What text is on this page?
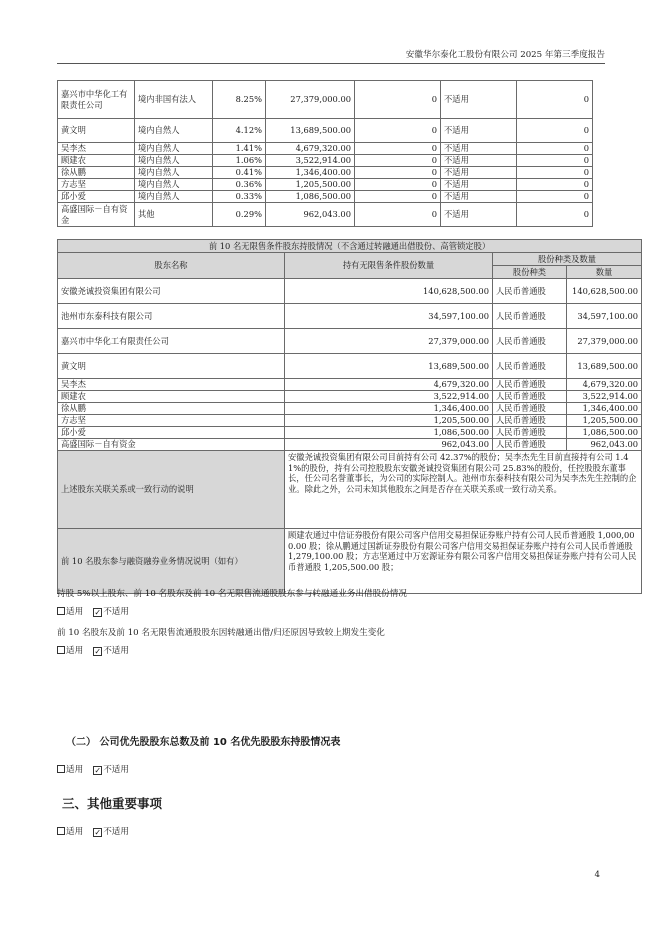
安徽华尔泰化工股份有限公司 2025 年第三季度报告
嘉兴市中华化工有限责任公司	境内非国有法人	8.25%	27,379,000.00	0	不适用	0
黄文明	境内自然人	4.12%	13,689,500.00	0	不适用	0
吴李杰	境内自然人	1.41%	4,679,320.00	0	不适用	0
顾建农	境内自然人	1.06%	3,522,914.00	0	不适用	0
徐从鹏	境内自然人	0.41%	1,346,400.00	0	不适用	0
方志坚	境内自然人	0.36%	1,205,500.00	0	不适用	0
邱小爱	境内自然人	0.33%	1,086,500.00	0	不适用	0
高盛国际－自有资金	其他	0.29%	962,043.00	0	不适用	0
前 10 名无限售条件股东持股情况（不含通过转融通出借股份、高管锁定股）			
股东名称	持有无限售条件股份数量	股份种类及数量	
		股份种类	数量
安徽尧诚投资集团有限公司	140,628,500.00	人民币普通股	140,628,500.00
池州市东泰科技有限公司	34,597,100.00	人民币普通股	34,597,100.00
嘉兴市中华化工有限责任公司	27,379,000.00	人民币普通股	27,379,000.00
黄文明	13,689,500.00	人民币普通股	13,689,500.00
吴李杰	4,679,320.00	人民币普通股	4,679,320.00
顾建农	3,522,914.00	人民币普通股	3,522,914.00
徐从鹏	1,346,400.00	人民币普通股	1,346,400.00
方志坚	1,205,500.00	人民币普通股	1,205,500.00
邱小爱	1,086,500.00	人民币普通股	1,086,500.00
高盛国际－自有资金	962,043.00	人民币普通股	962,043.00
上述股东关联关系或一致行动的说明	安徽尧诚投资集团有限公司目前持有公司 42.37%的股份；吴李杰先生目前直接持有公司 1.41%的股份，持有公司控股股东安徽尧诚投资集团有限公司 25.83%的股份，任控股股东董事长，任公司名誉董事长，为公司的实际控制人。池州市东泰科技有限公司为吴李杰先生控制的企业。除此之外，公司未知其他股东之间是否存在关联关系或一致行动关系。		
前 10 名股东参与融资融券业务情况说明（如有）	顾建农通过中信证券股份有限公司客户信用交易担保证券账户持有公司人民币普通股 1,000,000.00 股；徐从鹏通过国新证券股份有限公司客户信用交易担保证券账户持有公司人民币普通股 1,279,100.00 股；方志坚通过中万宏源证券有限公司客户信用交易担保证券账户持有公司人民币普通股 1,205,500.00 股；		
持股 5%以上股东、前 10 名股东及前 10 名无限售流通股股东参与转融通业务出借股份情况
适用 ✓ 不适用
前 10 名股东及前 10 名无限售流通股股东因转融通出借/归还原因导致较上期发生变化
适用 ✓ 不适用
（二） 公司优先股股东总数及前 10 名优先股股东持股情况表
适用 ✓ 不适用
三、其他重要事项
适用 ✓ 不适用
4
